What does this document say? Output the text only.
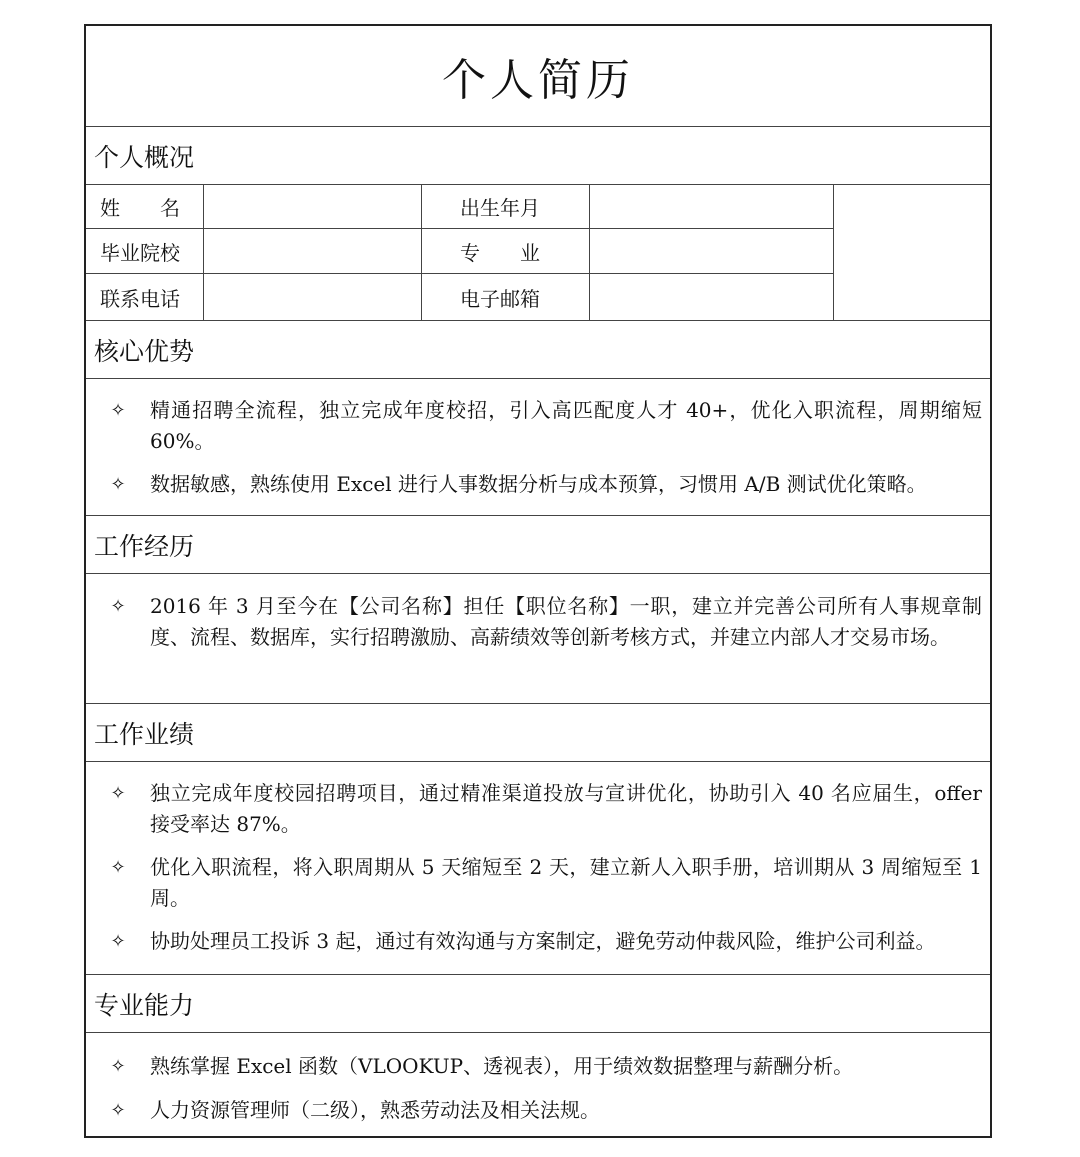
个人简历
个人概况
姓　　名	出生年月
毕业院校	专　　业
联系电话	电子邮箱
核心优势
✧	精通招聘全流程，独立完成年度校招，引入高匹配度人才 40+，优化入职流程，周期缩短 60%。
✧	数据敏感，熟练使用 Excel 进行人事数据分析与成本预算，习惯用 A/B 测试优化策略。
工作经历
✧	2016 年 3 月至今在【公司名称】担任【职位名称】一职，建立并完善公司所有人事规章制度、流程、数据库，实行招聘激励、高薪绩效等创新考核方式，并建立内部人才交易市场。
工作业绩
✧	独立完成年度校园招聘项目，通过精准渠道投放与宣讲优化，协助引入 40 名应届生，offer 接受率达 87%。
✧	优化入职流程，将入职周期从 5 天缩短至 2 天，建立新人入职手册，培训期从 3 周缩短至 1 周。
✧	协助处理员工投诉 3 起，通过有效沟通与方案制定，避免劳动仲裁风险，维护公司利益。
专业能力
✧	熟练掌握 Excel 函数（VLOOKUP、透视表），用于绩效数据整理与薪酬分析。
✧	人力资源管理师（二级），熟悉劳动法及相关法规。
